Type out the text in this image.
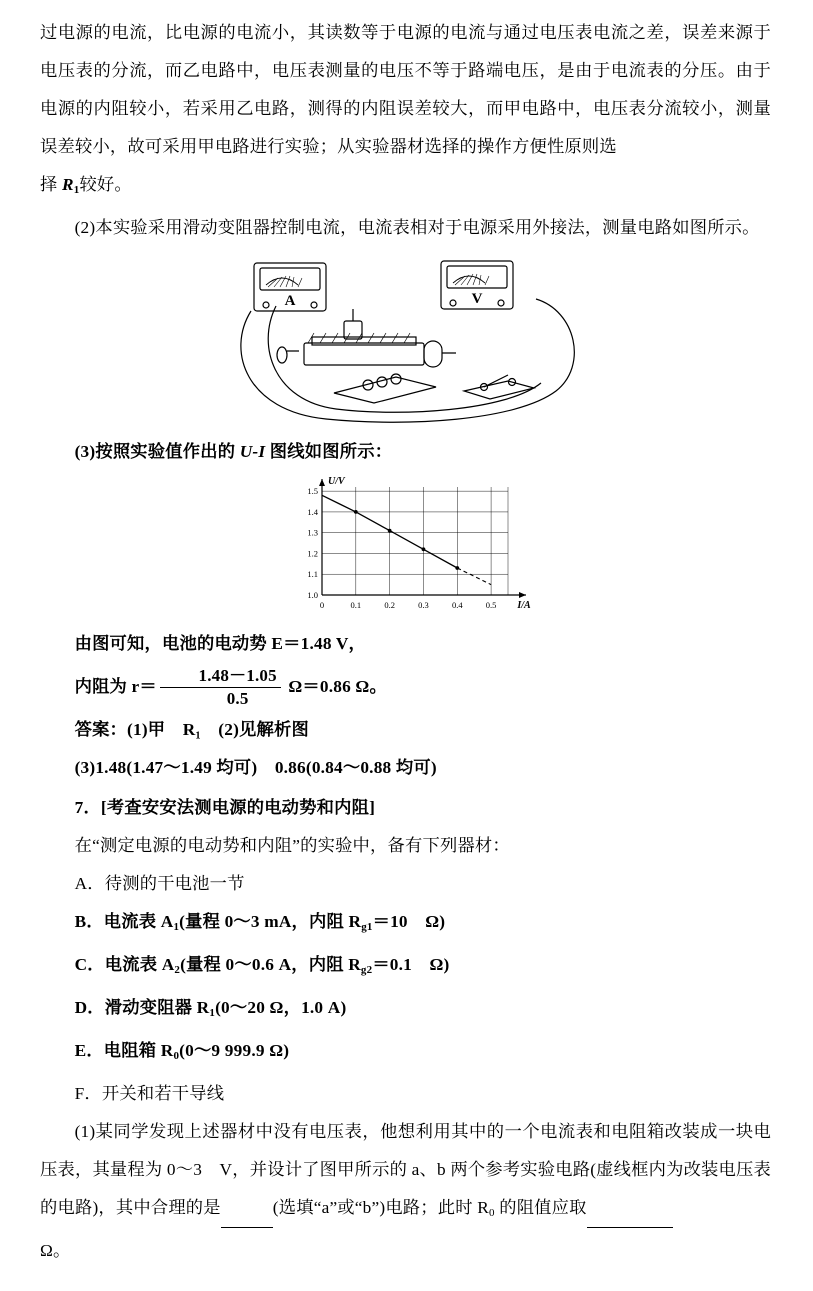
过电源的电流，比电源的电流小，其读数等于电源的电流与通过电压表电流之差，误差来源于电压表的分流，而乙电路中，电压表测量的电压不等于路端电压，是由于电流表的分压。由于电源的内阻较小，若采用乙电路，测得的内阻误差较大，而甲电路中，电压表分流较小，测量误差较小，故可采用甲电路进行实验；从实验器材选择的操作方便性原则选

择 $R_1$较好。

(2)本实验采用滑动变阻器控制电流，电流表相对于电源采用外接法，测量电路如图所示。

A	V

(3)按照实验值作出的 U-I 图线如图所示：

0	0.1	0.2	0.3	0.4	0.5
1.0
1.1
1.2
1.3
1.4
1.5
U/V
I/A

由图可知，电池的电动势 E＝1.48 V，

内阻为 $r= \frac{1.48-1.05}{0.5} \Omega=0.86$ Ω。

答案：(1)甲　R₁　(2)见解析图

(3)1.48(1.47～1.49 均可)　0.86(0.84～0.88 均可)

7．[考查安安法测电源的电动势和内阻]

在“测定电源的电动势和内阻”的实验中，备有下列器材：

A．待测的干电池一节

B．电流表 $A_1$(量程 0～3 mA，内阻 $R_{g1}=10$　Ω)

C．电流表 $A_2$(量程 0～0.6 A，内阻 $R_{g2}=0.1$　Ω)

D．滑动变阻器 $R_1(0\sim 20$ Ω，1.0 A)

E．电阻箱 $R_0(0\sim 9$ 999.9 Ω)

F．开关和若干导线

(1)某同学发现上述器材中没有电压表，他想利用其中的一个电流表和电阻箱改装成一块电压表，其量程为 0～3　V，并设计了图甲所示的 a、b 两个参考实验电路(虚线框内为改装电压表的电路)，其中合理的是	(选填“a”或“b”)电路；此时 $R_0$ 的阻值应取

Ω。
